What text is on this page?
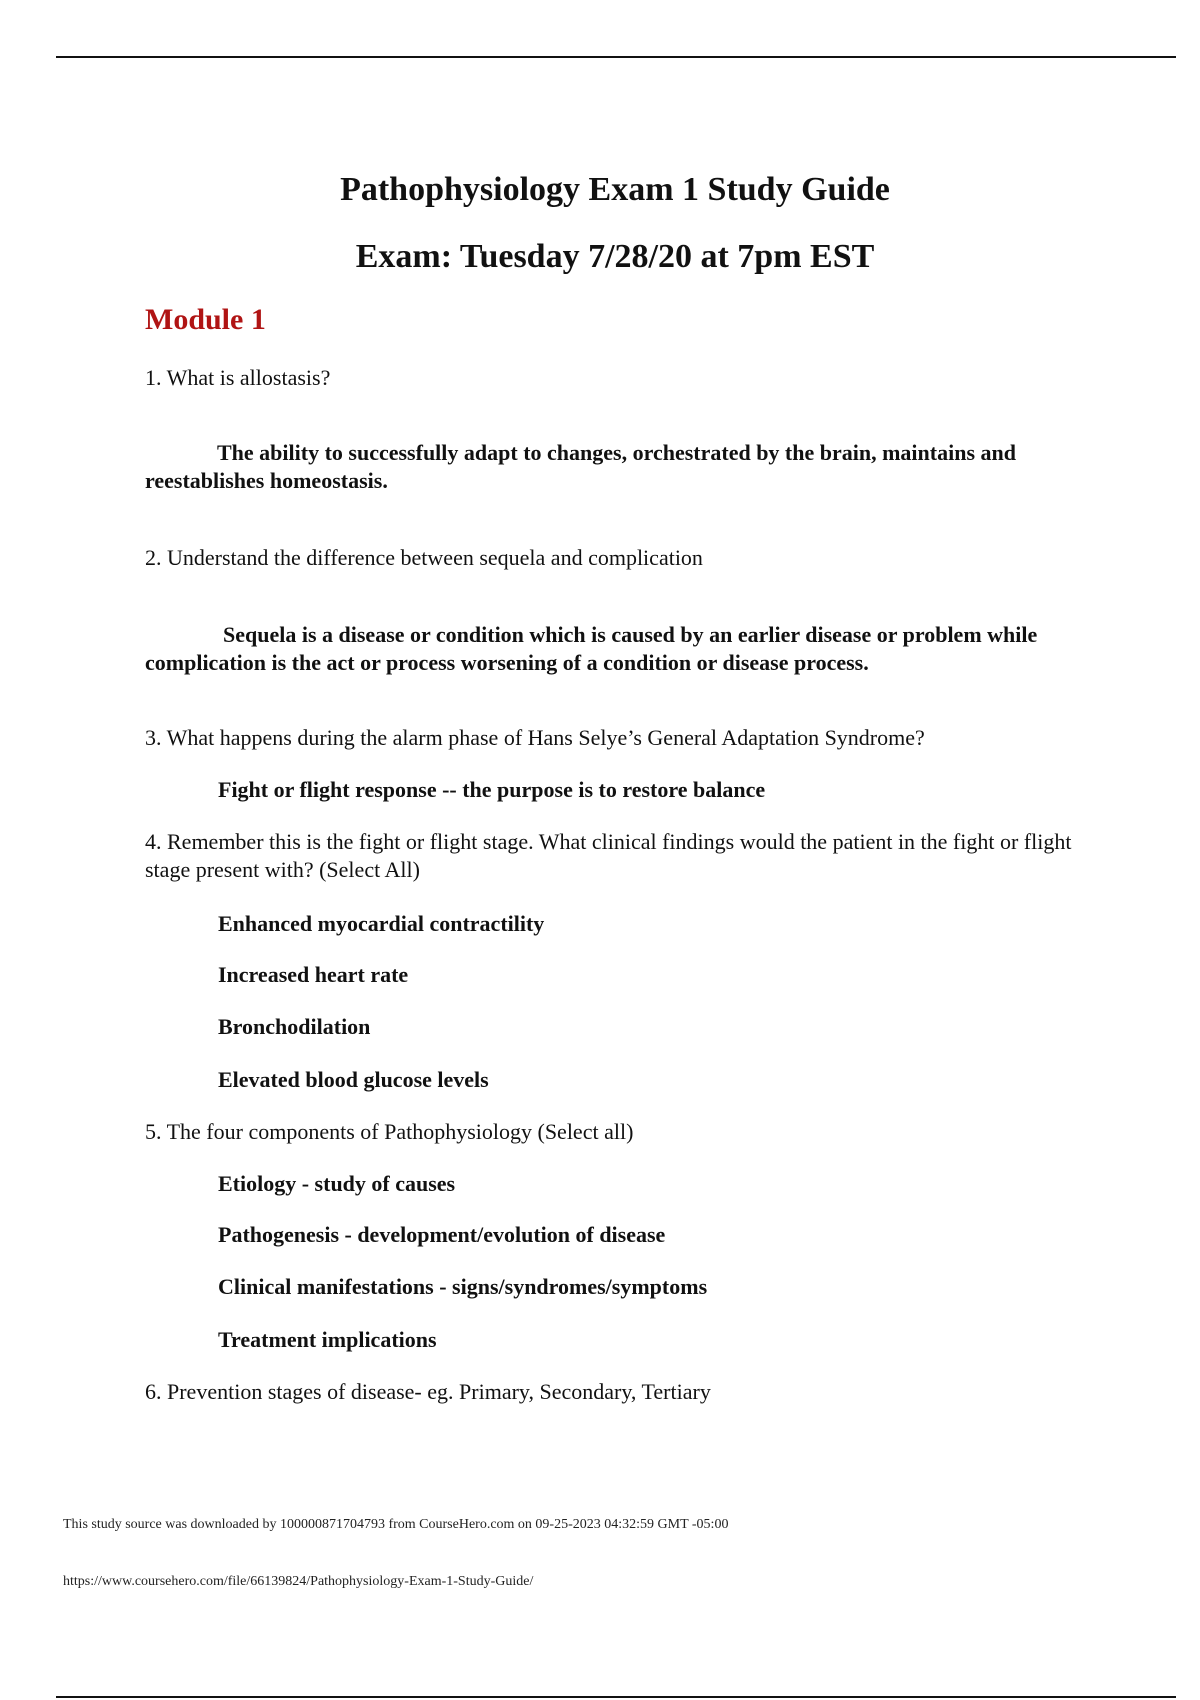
Pathophysiology Exam 1 Study Guide
Exam: Tuesday 7/28/20 at 7pm EST
Module 1
1. What is allostasis?
The ability to successfully adapt to changes, orchestrated by the brain, maintains and reestablishes homeostasis.
2. Understand the difference between sequela and complication
Sequela is a disease or condition which is caused by an earlier disease or problem while complication is the act or process worsening of a condition or disease process.
3. What happens during the alarm phase of Hans Selye’s General Adaptation Syndrome?
Fight or flight response -- the purpose is to restore balance
4. Remember this is the fight or flight stage. What clinical findings would the patient in the fight or flight stage present with? (Select All)
Enhanced myocardial contractility
Increased heart rate
Bronchodilation
Elevated blood glucose levels
5. The four components of Pathophysiology (Select all)
Etiology - study of causes
Pathogenesis - development/evolution of disease
Clinical manifestations - signs/syndromes/symptoms
Treatment implications
6. Prevention stages of disease- eg. Primary, Secondary, Tertiary
This study source was downloaded by 100000871704793 from CourseHero.com on 09-25-2023 04:32:59 GMT -05:00
https://www.coursehero.com/file/66139824/Pathophysiology-Exam-1-Study-Guide/
